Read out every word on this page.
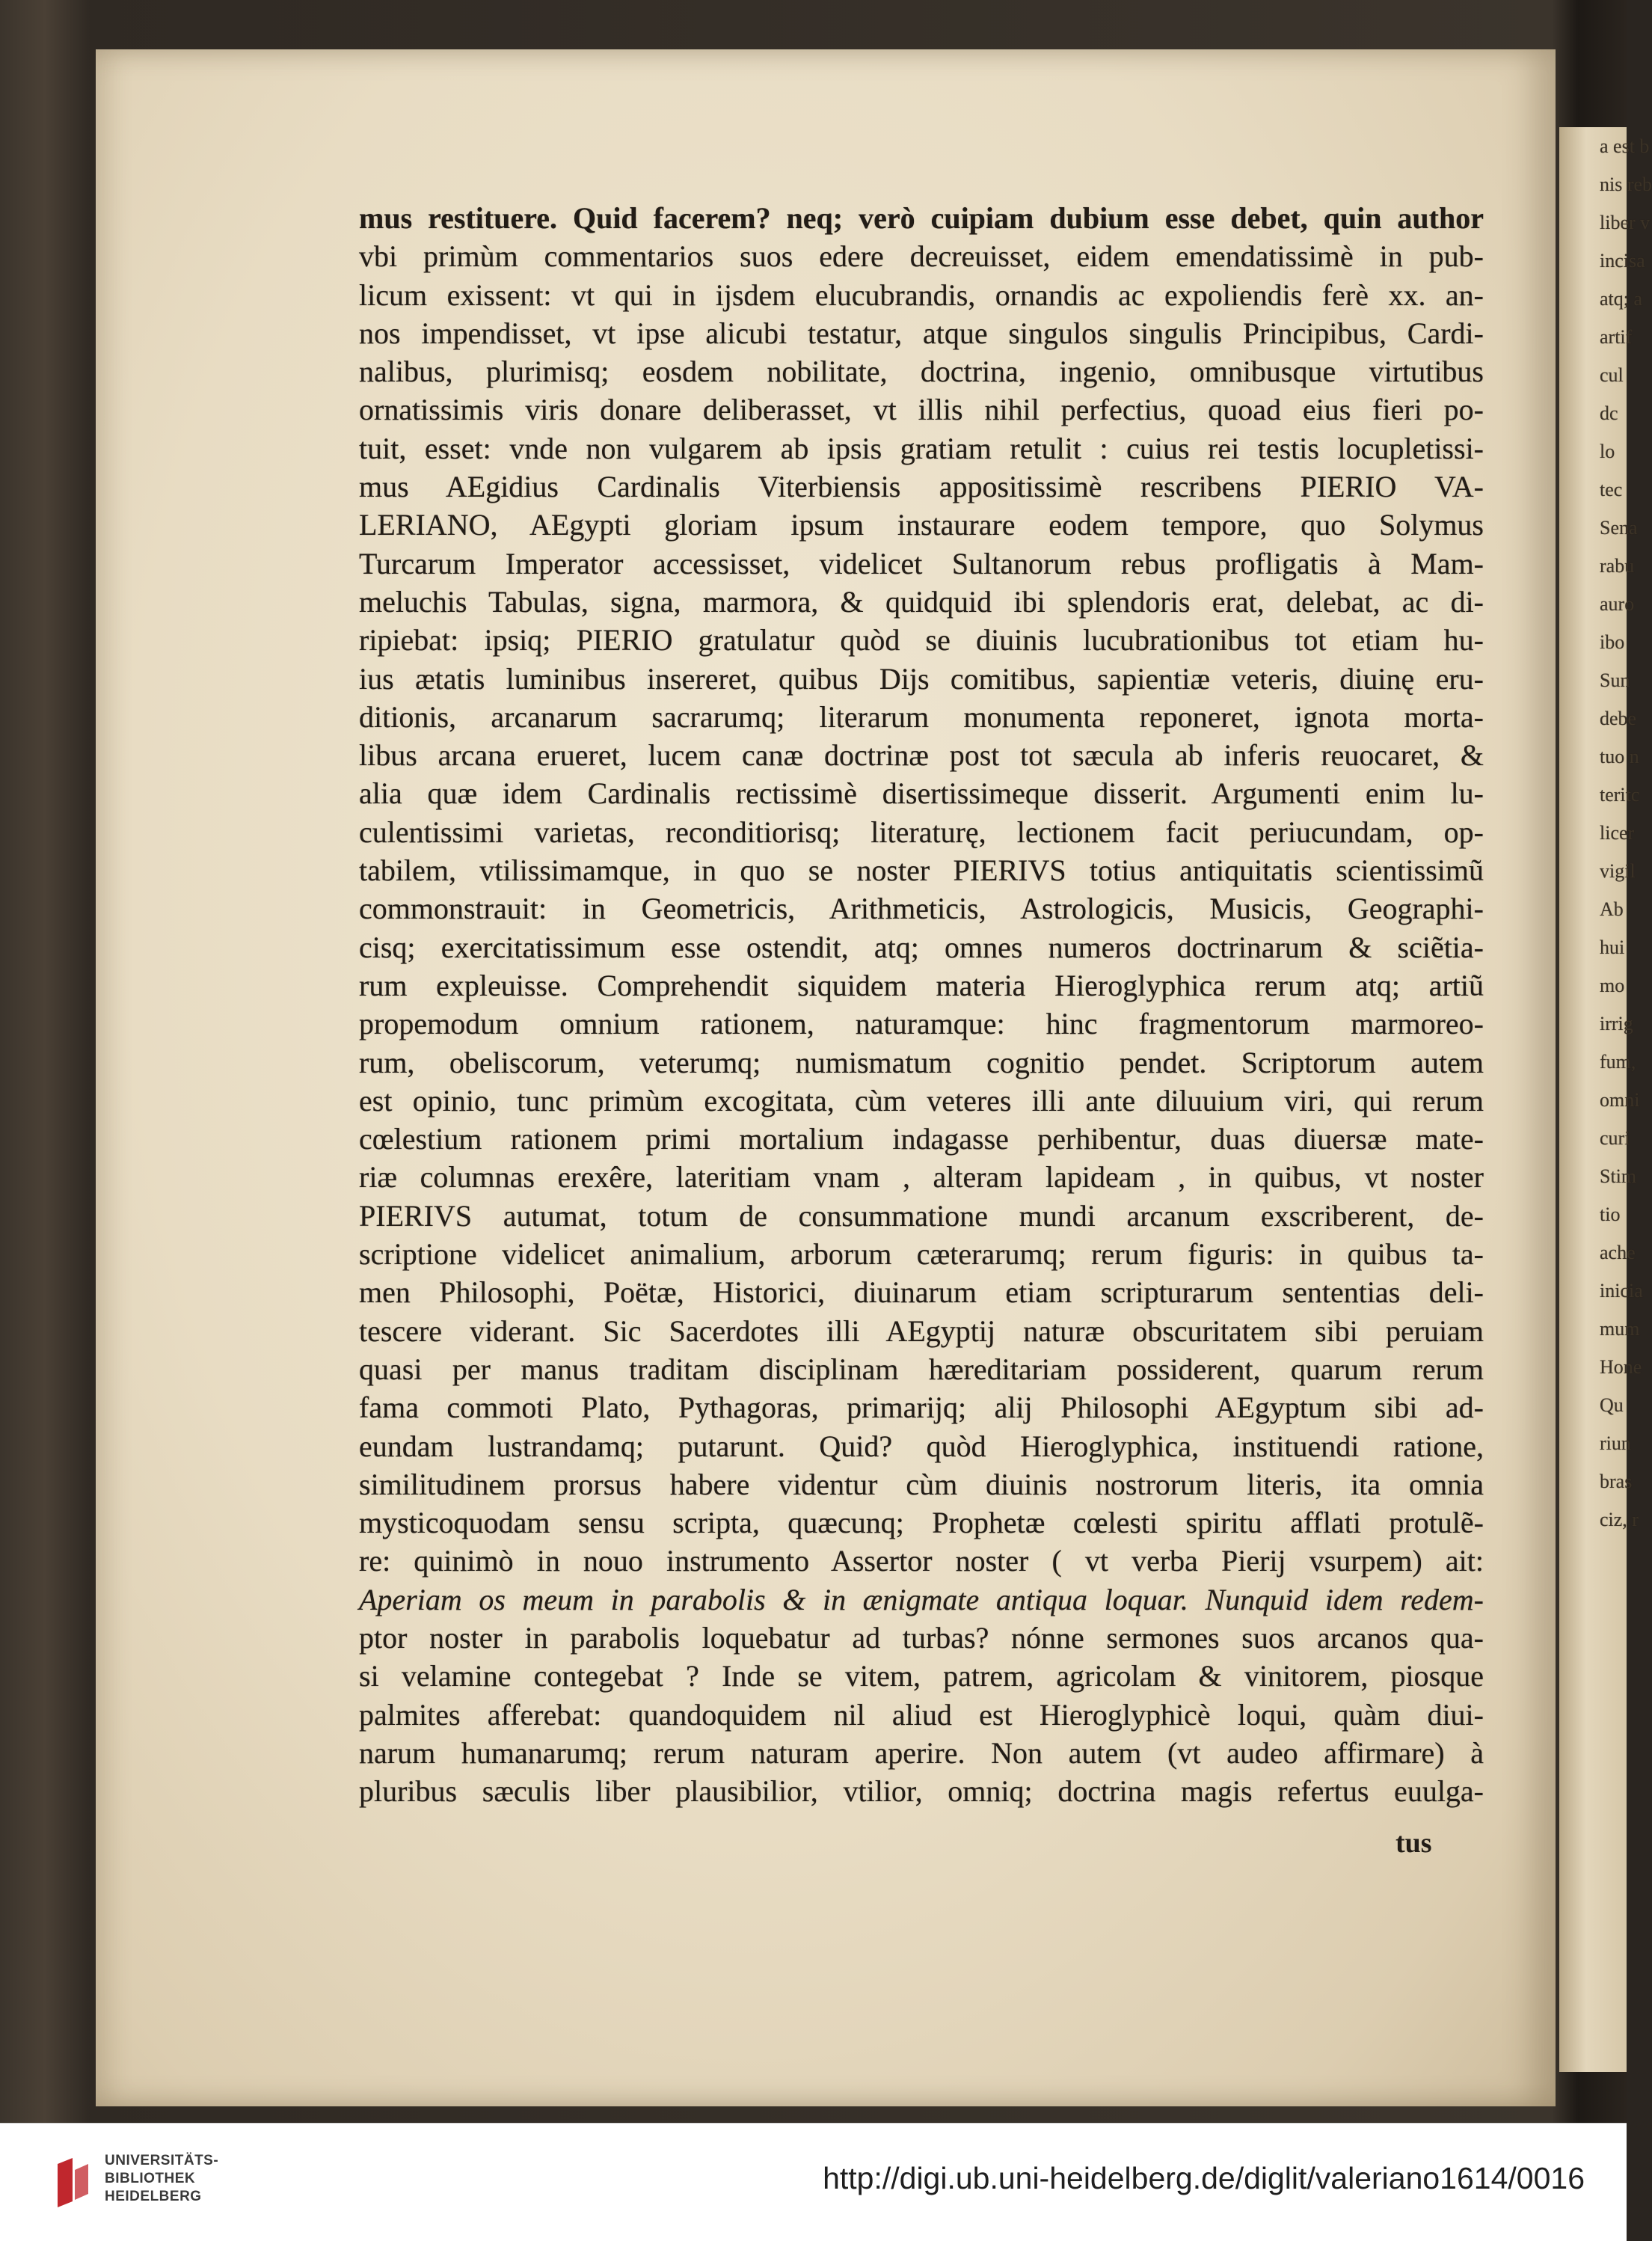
a est b
nis reb
liber v
incisa
atq; a
artif
cul
dc
lo
tec
Sena
rabu
auro
ibo
Sun
debe
tuo n
teritc
licer
vigil
Ab
hui
mo
irrig
fum,
omni
curi
Stim
tio
ache
inicia
mum
Hone
Qu
riun
bras
ciz, r
mus restituere. Quid facerem? neq; verò cuipiam dubium esse debet, quin author
vbi primùm commentarios suos edere decreuisset, eidem emendatissimè in pub-
licum exissent: vt qui in ijsdem elucubrandis, ornandis ac expoliendis ferè xx. an-
nos impendisset, vt ipse alicubi testatur, atque singulos singulis Principibus, Cardi-
nalibus, plurimisq; eosdem nobilitate, doctrina, ingenio, omnibusque virtutibus
ornatissimis viris donare deliberasset, vt illis nihil perfectius, quoad eius fieri po-
tuit, esset: vnde non vulgarem ab ipsis gratiam retulit : cuius rei testis locupletissi-
mus AEgidius Cardinalis Viterbiensis appositissimè rescribens PIERIO VA-
LERIANO, AEgypti gloriam ipsum instaurare eodem tempore, quo Solymus
Turcarum Imperator accessisset, videlicet Sultanorum rebus profligatis à Mam-
meluchis Tabulas, signa, marmora, & quidquid ibi splendoris erat, delebat, ac di-
ripiebat: ipsiq; PIERIO gratulatur quòd se diuinis lucubrationibus tot etiam hu-
ius ætatis luminibus insereret, quibus Dijs comitibus, sapientiæ veteris, diuinę eru-
ditionis, arcanarum sacrarumq; literarum monumenta reponeret, ignota morta-
libus arcana erueret, lucem canæ doctrinæ post tot sæcula ab inferis reuocaret, &
alia quæ idem Cardinalis rectissimè disertissimeque disserit. Argumenti enim lu-
culentissimi varietas, reconditiorisq; literaturę, lectionem facit periucundam, op-
tabilem, vtilissimamque, in quo se noster PIERIVS totius antiquitatis scientissimũ
commonstrauit: in Geometricis, Arithmeticis, Astrologicis, Musicis, Geographi-
cisq; exercitatissimum esse ostendit, atq; omnes numeros doctrinarum & sciẽtia-
rum expleuisse. Comprehendit siquidem materia Hieroglyphica rerum atq; artiũ
propemodum omnium rationem, naturamque: hinc fragmentorum marmoreo-
rum, obeliscorum, veterumq; numismatum cognitio pendet. Scriptorum autem
est opinio, tunc primùm excogitata, cùm veteres illi ante diluuium viri, qui rerum
cœlestium rationem primi mortalium indagasse perhibentur, duas diuersæ mate-
riæ columnas erexêre, lateritiam vnam , alteram lapideam , in quibus, vt noster
PIERIVS autumat, totum de consummatione mundi arcanum exscriberent, de-
scriptione videlicet animalium, arborum cæterarumq; rerum figuris: in quibus ta-
men Philosophi, Poëtæ, Historici, diuinarum etiam scripturarum sententias deli-
tescere viderant. Sic Sacerdotes illi AEgyptij naturæ obscuritatem sibi peruiam
quasi per manus traditam disciplinam hæreditariam possiderent, quarum rerum
fama commoti Plato, Pythagoras, primarijq; alij Philosophi AEgyptum sibi ad-
eundam lustrandamq; putarunt. Quid? quòd Hieroglyphica, instituendi ratione,
similitudinem prorsus habere videntur cùm diuinis nostrorum literis, ita omnia
mysticoquodam sensu scripta, quæcunq; Prophetæ cœlesti spiritu afflati protulẽ-
re: quinimò in nouo instrumento Assertor noster ( vt verba Pierij vsurpem) ait:
Aperiam os meum in parabolis & in ænigmate antiqua loquar. Nunquid idem redem-
ptor noster in parabolis loquebatur ad turbas? nónne sermones suos arcanos qua-
si velamine contegebat ? Inde se vitem, patrem, agricolam & vinitorem, piosque
palmites afferebat: quandoquidem nil aliud est Hieroglyphicè loqui, quàm diui-
narum humanarumq; rerum naturam aperire. Non autem (vt audeo affirmare) à
pluribus sæculis liber plausibilior, vtilior, omniq; doctrina magis refertus euulga-
tus
UNIVERSITÄTS-
BIBLIOTHEK
HEIDELBERG
http://digi.ub.uni-heidelberg.de/diglit/valeriano1614/0016
